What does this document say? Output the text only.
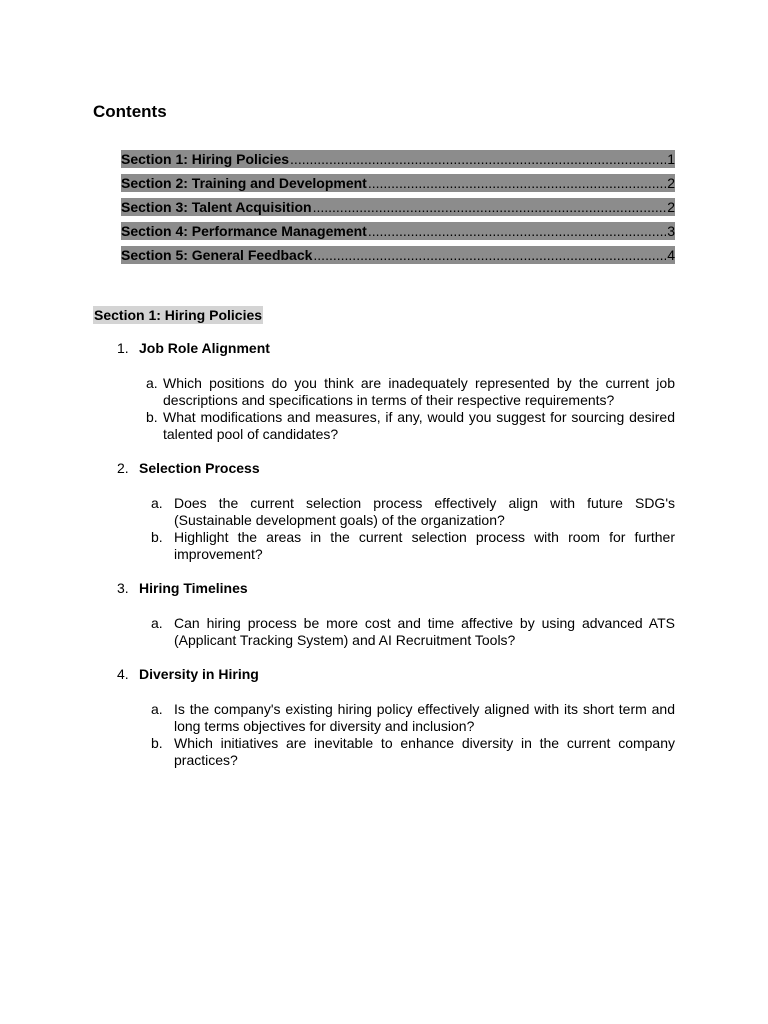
Contents
Section 1: Hiring Policies .....	1
Section 2: Training and Development .....	2
Section 3: Talent Acquisition .....	2
Section 4: Performance Management .....	3
Section 5: General Feedback .....	4
Section 1: Hiring Policies
1. Job Role Alignment
a. Which positions do you think are inadequately represented by the current job descriptions and specifications in terms of their respective requirements?
b. What modifications and measures, if any, would you suggest for sourcing desired talented pool of candidates?
2. Selection Process
a. Does the current selection process effectively align with future SDG's (Sustainable development goals) of the organization?
b. Highlight the areas in the current selection process with room for further improvement?
3. Hiring Timelines
a. Can hiring process be more cost and time affective by using advanced ATS (Applicant Tracking System) and AI Recruitment Tools?
4. Diversity in Hiring
a. Is the company's existing hiring policy effectively aligned with its short term and long terms objectives for diversity and inclusion?
b. Which initiatives are inevitable to enhance diversity in the current company practices?
